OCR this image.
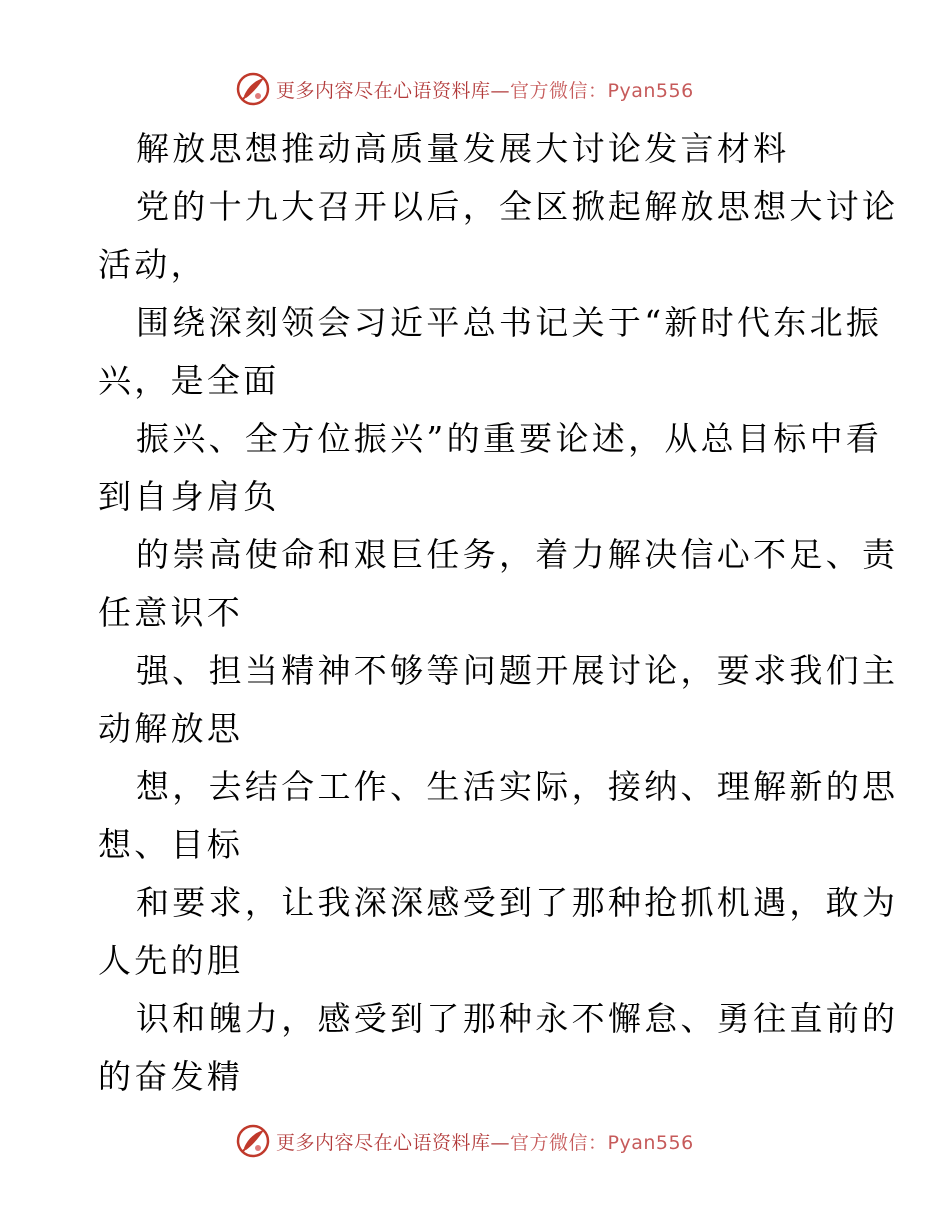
更多内容尽在心语资料库— 官方微信：Pyan556
解放思想推动高质量发展大讨论发言材料
党的十九大召开以后，全区掀起解放思想大讨论
活动，
围绕深刻领会习近平总书记关于“新时代东北振
兴，是全面
振兴、全方位振兴”的重要论述，从总目标中看
到自身肩负
的崇高使命和艰巨任务，着力解决信心不足、责
任意识不
强、担当精神不够等问题开展讨论，要求我们主
动解放思
想，去结合工作、生活实际，接纳、理解新的思
想、目标
和要求，让我深深感受到了那种抢抓机遇，敢为
人先的胆
识和魄力，感受到了那种永不懈怠、勇往直前的
的奋发精
更多内容尽在心语资料库— 官方微信：Pyan556
